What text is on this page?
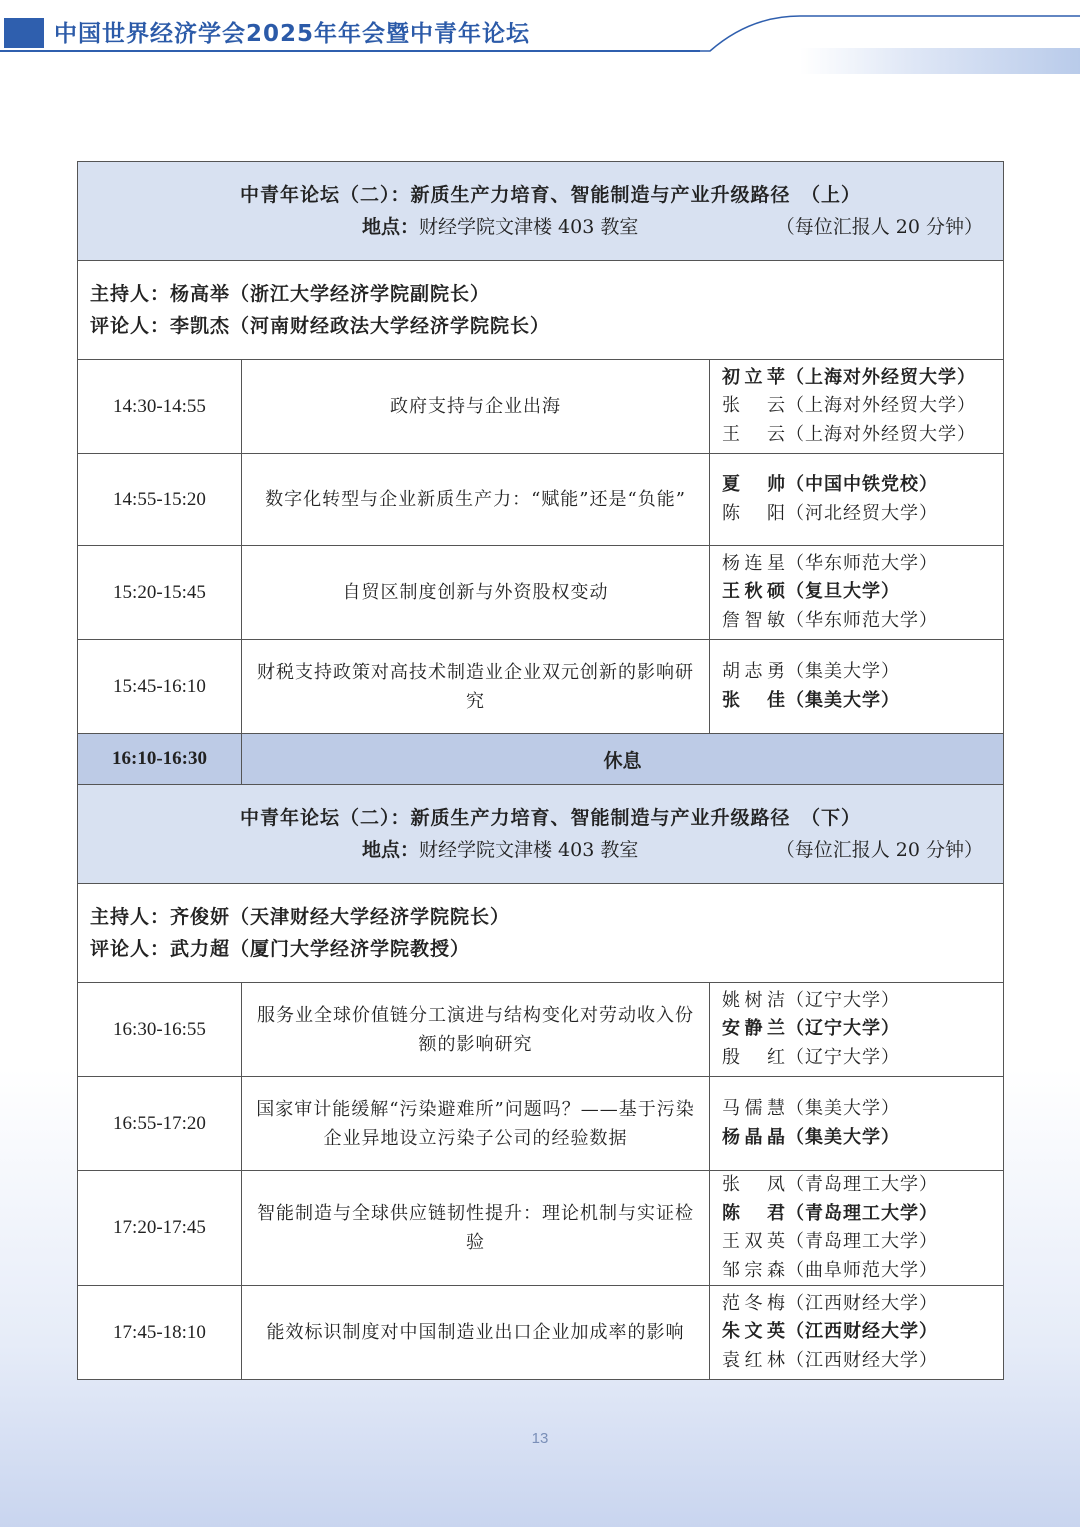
中国世界经济学会2025年年会暨中青年论坛
中青年论坛（二）：新质生产力培育、智能制造与产业升级路径　（上）
地点：财经学院文津楼 403 教室 （每位汇报人 20 分钟）		

主持人：杨高举（浙江大学经济学院副院长）
评论人：李凯杰（河南财经政法大学经济学院院长）		

14:30-14:55	政府支持与企业出海	初立苹（上海对外经贸大学）
张云（上海对外经贸大学）
王云（上海对外经贸大学）

14:55-15:20	数字化转型与企业新质生产力：“赋能”还是“负能”	夏帅（中国中铁党校）
陈阳（河北经贸大学）

15:20-15:45	自贸区制度创新与外资股权变动	杨连星（华东师范大学）
王秋硕（复旦大学）
詹智敏（华东师范大学）

15:45-16:10	财税支持政策对高技术制造业企业双元创新的影响研究	胡志勇（集美大学）
张佳（集美大学）

16:10-16:30	休息	

中青年论坛（二）：新质生产力培育、智能制造与产业升级路径　（下）
地点：财经学院文津楼 403 教室 （每位汇报人 20 分钟）		

主持人：齐俊妍（天津财经大学经济学院院长）
评论人：武力超（厦门大学经济学院教授）		

16:30-16:55	服务业全球价值链分工演进与结构变化对劳动收入份额的影响研究	姚树洁（辽宁大学）
安静兰（辽宁大学）
殷红（辽宁大学）

16:55-17:20	国家审计能缓解“污染避难所”问题吗？——基于污染企业异地设立污染子公司的经验数据	马儒慧（集美大学）
杨晶晶（集美大学）

17:20-17:45	智能制造与全球供应链韧性提升：理论机制与实证检验	张凤（青岛理工大学）
陈君（青岛理工大学）
王双英（青岛理工大学）
邹宗森（曲阜师范大学）

17:45-18:10	能效标识制度对中国制造业出口企业加成率的影响	范冬梅（江西财经大学）
朱文英（江西财经大学）
袁红林（江西财经大学）
13
